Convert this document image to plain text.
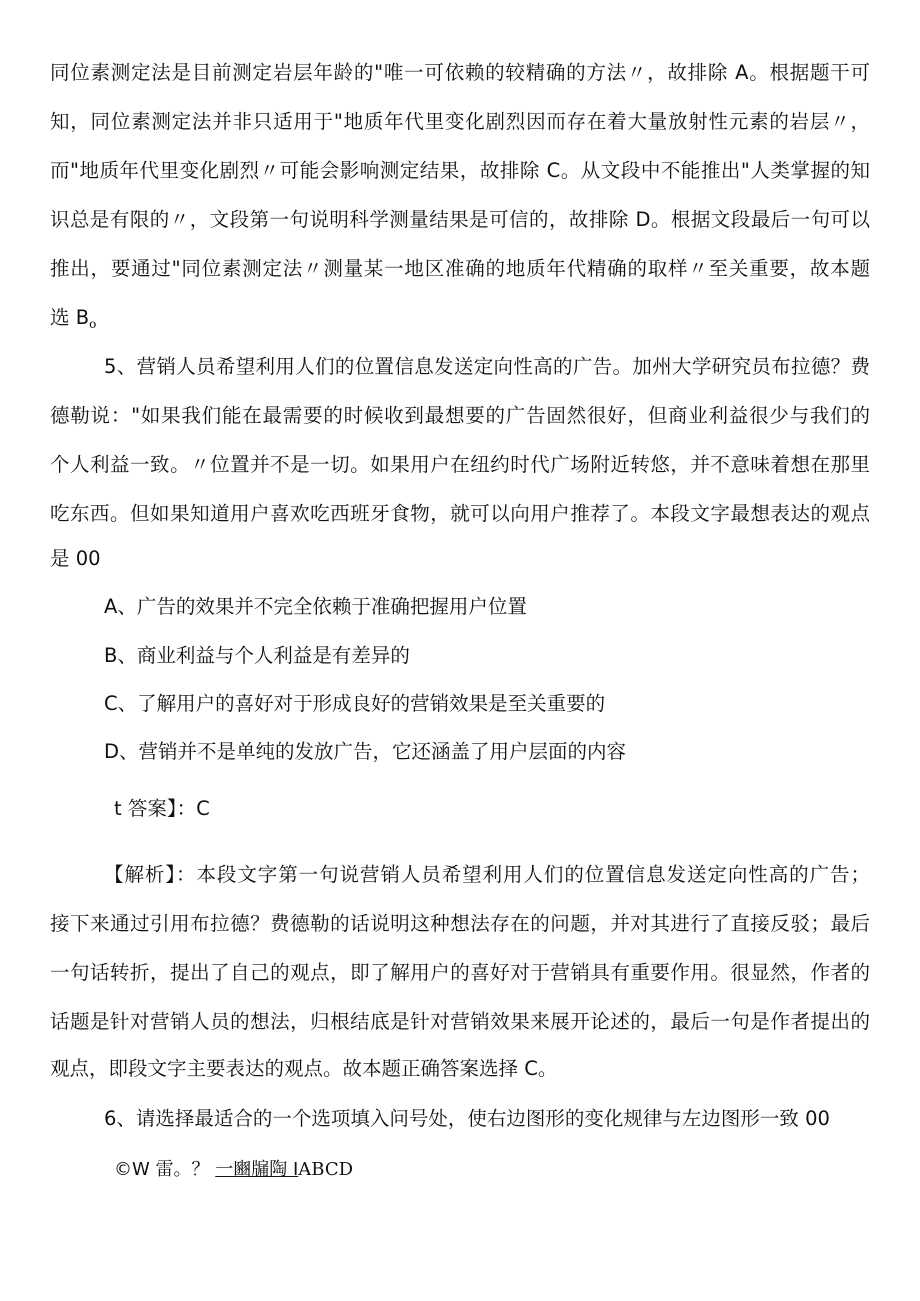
同位素测定法是目前测定岩层年龄的"唯一可依赖的较精确的方法〃，故排除 A。根据题干可

知，同位素测定法并非只适用于"地质年代里变化剧烈因而存在着大量放射性元素的岩层〃，

而"地质年代里变化剧烈〃可能会影响测定结果，故排除 C。从文段中不能推出"人类掌握的知

识总是有限的〃，文段第一句说明科学测量结果是可信的，故排除 D。根据文段最后一句可以

推出，要通过"同位素测定法〃测量某一地区准确的地质年代精确的取样〃至关重要，故本题

选 $B_o$

5、营销人员希望利用人们的位置信息发送定向性高的广告。加州大学研究员布拉德？费

德勒说："如果我们能在最需要的时候收到最想要的广告固然很好，但商业利益很少与我们的

个人利益一致。〃位置并不是一切。如果用户在纽约时代广场附近转悠，并不意味着想在那里

吃东西。但如果知道用户喜欢吃西班牙食物，就可以向用户推荐了。本段文字最想表达的观点

是 00

A、广告的效果并不完全依赖于准确把握用户位置

B、商业利益与个人利益是有差异的

C、了解用户的喜好对于形成良好的营销效果是至关重要的

D、营销并不是单纯的发放广告，它还涵盖了用户层面的内容

t 答案】：C

【解析】：本段文字第一句说营销人员希望利用人们的位置信息发送定向性高的广告；

接下来通过引用布拉德？费德勒的话说明这种想法存在的问题，并对其进行了直接反驳；最后

一句话转折，提出了自己的观点，即了解用户的喜好对于营销具有重要作用。很显然，作者的

话题是针对营销人员的想法，归根结底是针对营销效果来展开论述的，最后一句是作者提出的

观点，即段文字主要表达的观点。故本题正确答案选择 C。

6、请选择最适合的一个选项填入问号处，使右边图形的变化规律与左边图形一致 00

©W 雷。？ 一豳牖陶 IABCD
